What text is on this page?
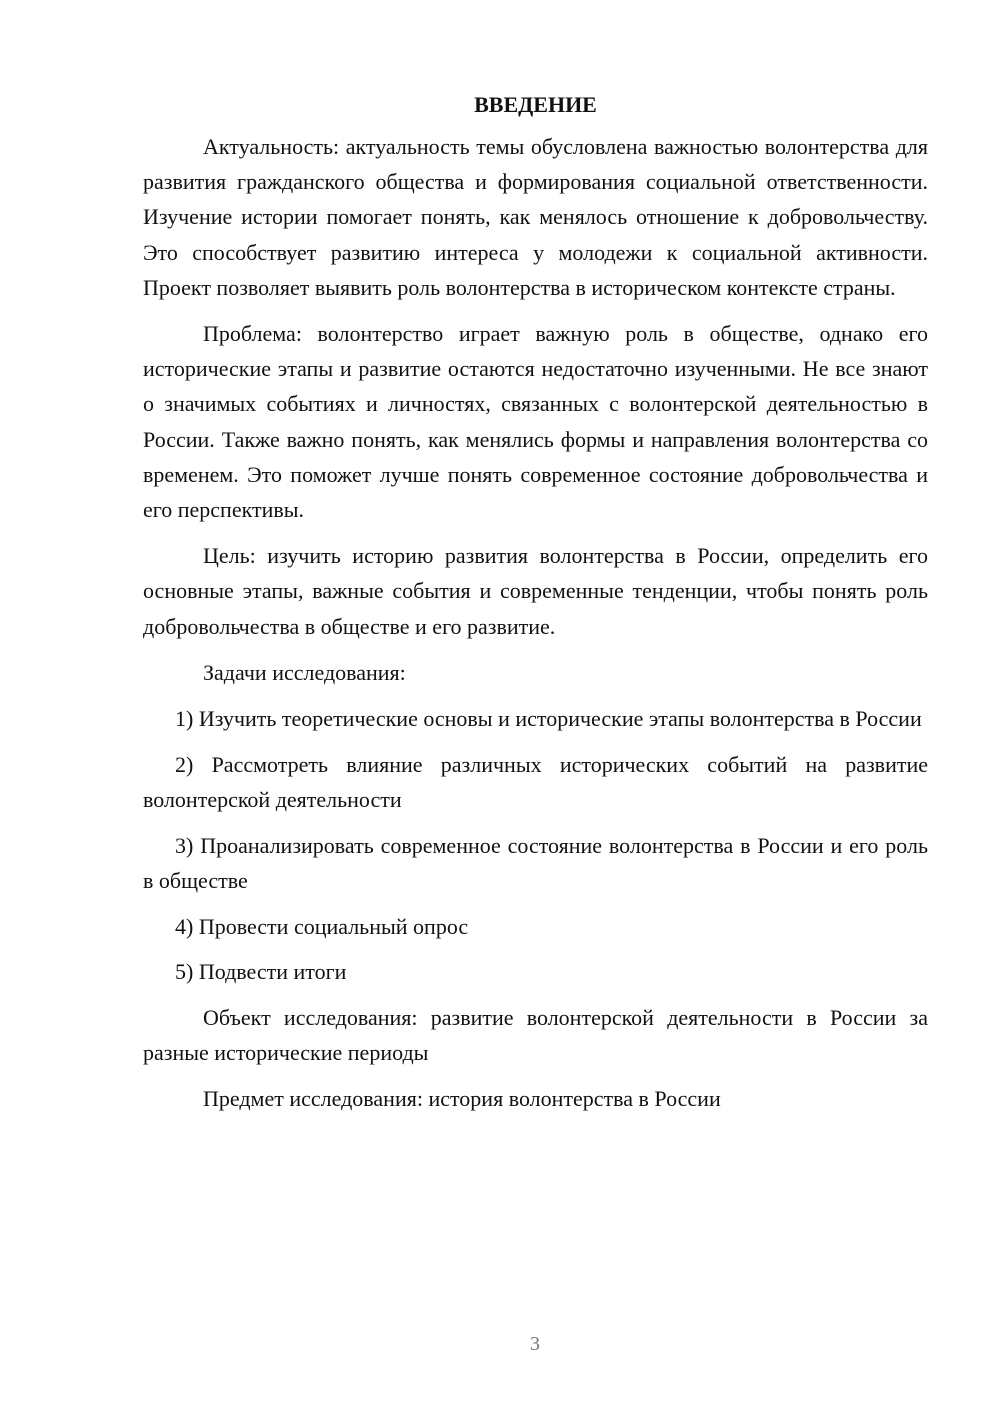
ВВЕДЕНИЕ

Актуальность: актуальность темы обусловлена важностью волонтерства для развития гражданского общества и формирования социальной ответственности. Изучение истории помогает понять, как менялось отношение к добровольчеству. Это способствует развитию интереса у молодежи к социальной активности. Проект позволяет выявить роль волонтерства в историческом контексте страны.

Проблема: волонтерство играет важную роль в обществе, однако его исторические этапы и развитие остаются недостаточно изученными. Не все знают о значимых событиях и личностях, связанных с волонтерской деятельностью в России. Также важно понять, как менялись формы и направления волонтерства со временем. Это поможет лучше понять современное состояние добровольчества и его перспективы.

Цель: изучить историю развития волонтерства в России, определить его основные этапы, важные события и современные тенденции, чтобы понять роль добровольчества в обществе и его развитие.

Задачи исследования:

1) Изучить теоретические основы и исторические этапы волонтерства в России

2) Рассмотреть влияние различных исторических событий на развитие волонтерской деятельности

3) Проанализировать современное состояние волонтерства в России и его роль в обществе

4) Провести социальный опрос

5) Подвести итоги

Объект исследования: развитие волонтерской деятельности в России за разные исторические периоды

Предмет исследования: история волонтерства в России

3
